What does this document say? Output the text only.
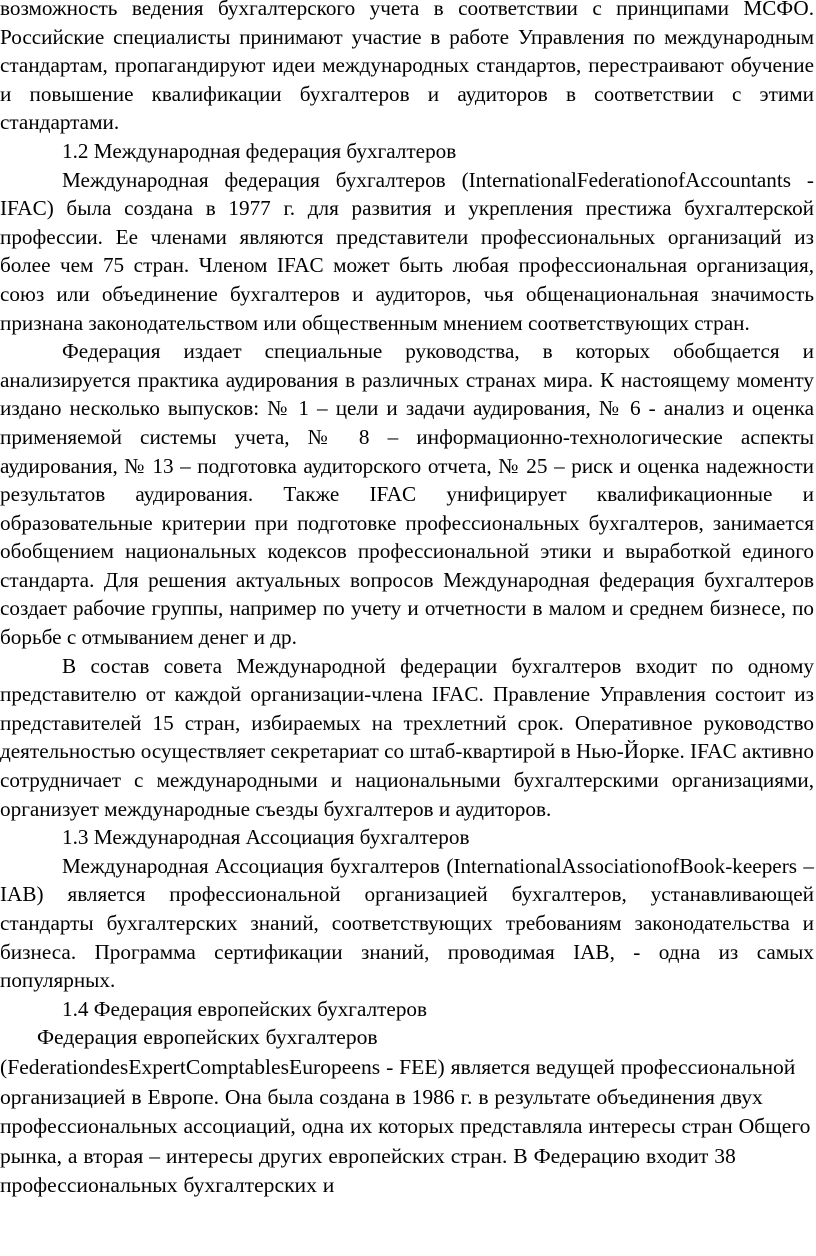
возможность ведения бухгалтерского учета в соответствии с принципами МСФО. Российские специалисты принимают участие в работе Управления по международным стандартам, пропагандируют идеи международных стандартов, перестраивают обучение и повышение квалификации бухгалтеров и аудиторов в соответствии с этими стандартами.

1.2 Международная федерация бухгалтеров

Международная федерация бухгалтеров (InternationalFederationofAccountants - IFAC) была создана в 1977 г. для развития и укрепления престижа бухгалтерской профессии. Ее членами являются представители профессиональных организаций из более чем 75 стран. Членом IFAC может быть любая профессиональная организация, союз или объединение бухгалтеров и аудиторов, чья общенациональная значимость признана законодательством или общественным мнением соответствующих стран.

Федерация издает специальные руководства, в которых обобщается и анализируется практика аудирования в различных странах мира. К настоящему моменту издано несколько выпусков: № 1 – цели и задачи аудирования, № 6 - анализ и оценка применяемой системы учета, № 8 – информационно-технологические аспекты аудирования, № 13 – подготовка аудиторского отчета, № 25 – риск и оценка надежности результатов аудирования. Также IFAC унифицирует квалификационные и образовательные критерии при подготовке профессиональных бухгалтеров, занимается обобщением национальных кодексов профессиональной этики и выработкой единого стандарта. Для решения актуальных вопросов Международная федерация бухгалтеров создает рабочие группы, например по учету и отчетности в малом и среднем бизнесе, по борьбе с отмыванием денег и др.

В состав совета Международной федерации бухгалтеров входит по одному представителю от каждой организации-члена IFAC. Правление Управления состоит из представителей 15 стран, избираемых на трехлетний срок. Оперативное руководство деятельностью осуществляет секретариат со штаб-квартирой в Нью-Йорке. IFAC активно сотрудничает с международными и национальными бухгалтерскими организациями, организует международные съезды бухгалтеров и аудиторов.

1.3 Международная Ассоциация бухгалтеров

Международная Ассоциация бухгалтеров (InternationalAssociationofBook-keepers – IAB) является профессиональной организацией бухгалтеров, устанавливающей стандарты бухгалтерских знаний, соответствующих требованиям законодательства и бизнеса. Программа сертификации знаний, проводимая IAB, - одна из самых популярных.

1.4 Федерация европейских бухгалтеров

Федерация европейских бухгалтеров
(FederationdesExpertComptablesEuropeens - FEE) является ведущей профессиональной организацией в Европе. Она была создана в 1986 г. в результате объединения двух профессиональных ассоциаций, одна их которых представляла интересы стран Общего рынка, а вторая – интересы других европейских стран. В Федерацию входит 38 профессиональных бухгалтерских и
